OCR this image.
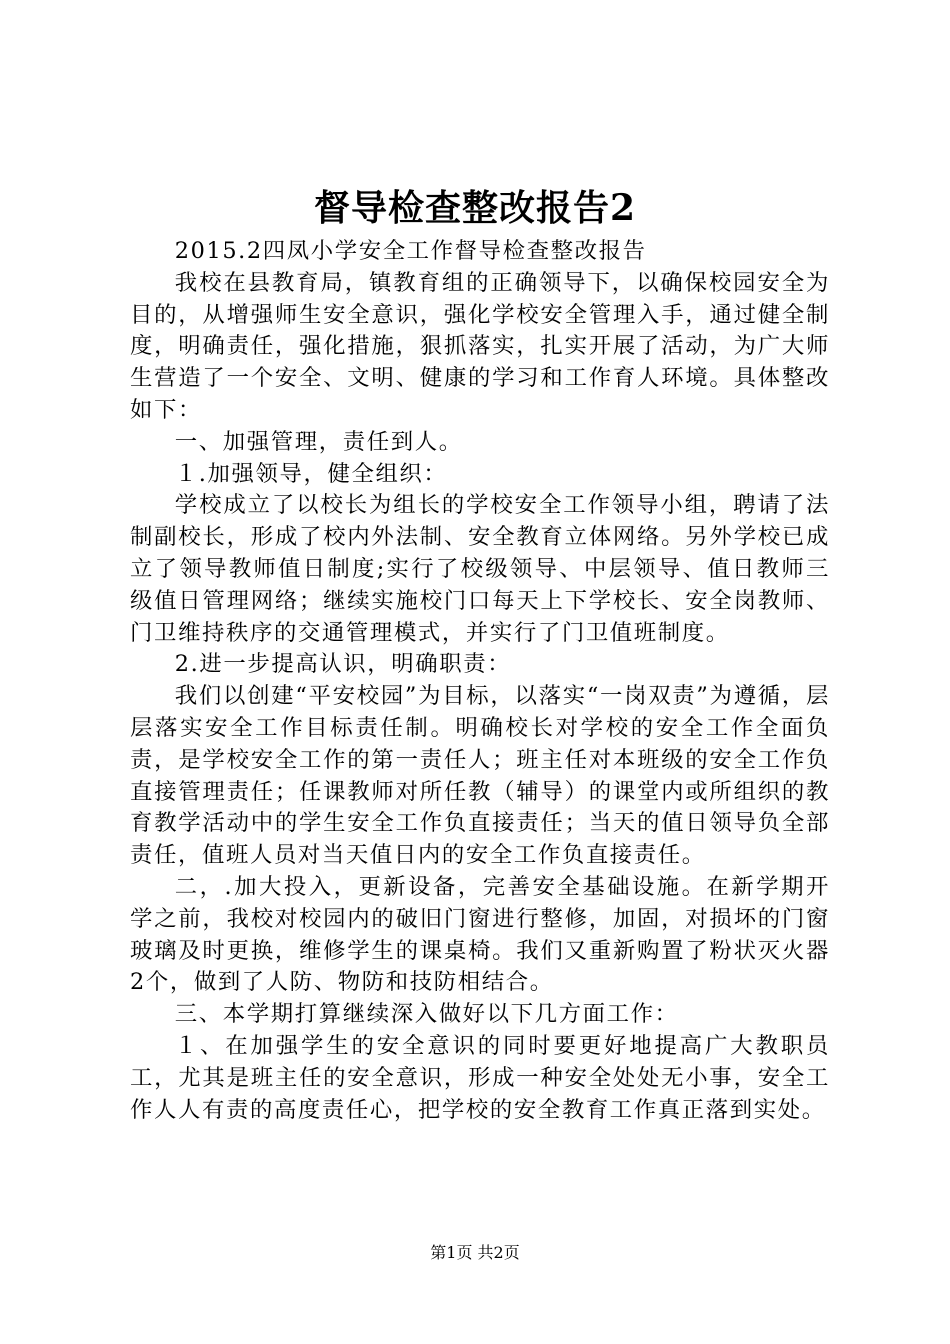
督导检查整改报告2

2015.2四凤小学安全工作督导检查整改报告

我校在县教育局，镇教育组的正确领导下，以确保校园安全为目的，从增强师生安全意识，强化学校安全管理入手，通过健全制度，明确责任，强化措施，狠抓落实，扎实开展了活动，为广大师生营造了一个安全、文明、健康的学习和工作育人环境。具体整改如下：

一、加强管理，责任到人。

１.加强领导，健全组织：

学校成立了以校长为组长的学校安全工作领导小组，聘请了法制副校长，形成了校内外法制、安全教育立体网络。另外学校已成立了领导教师值日制度;实行了校级领导、中层领导、值日教师三级值日管理网络；继续实施校门口每天上下学校长、安全岗教师、门卫维持秩序的交通管理模式，并实行了门卫值班制度。

2.进一步提高认识，明确职责：

我们以创建“平安校园”为目标，以落实“一岗双责”为遵循，层层落实安全工作目标责任制。明确校长对学校的安全工作全面负责，是学校安全工作的第一责任人；班主任对本班级的安全工作负直接管理责任；任课教师对所任教（辅导）的课堂内或所组织的教育教学活动中的学生安全工作负直接责任；当天的值日领导负全部责任，值班人员对当天值日内的安全工作负直接责任。

二，.加大投入，更新设备，完善安全基础设施。在新学期开学之前，我校对校园内的破旧门窗进行整修，加固，对损坏的门窗玻璃及时更换，维修学生的课桌椅。我们又重新购置了粉状灭火器2个，做到了人防、物防和技防相结合。

三、本学期打算继续深入做好以下几方面工作：

１、在加强学生的安全意识的同时要更好地提高广大教职员工，尤其是班主任的安全意识，形成一种安全处处无小事，安全工作人人有责的高度责任心，把学校的安全教育工作真正落到实处。

第1页 共2页
